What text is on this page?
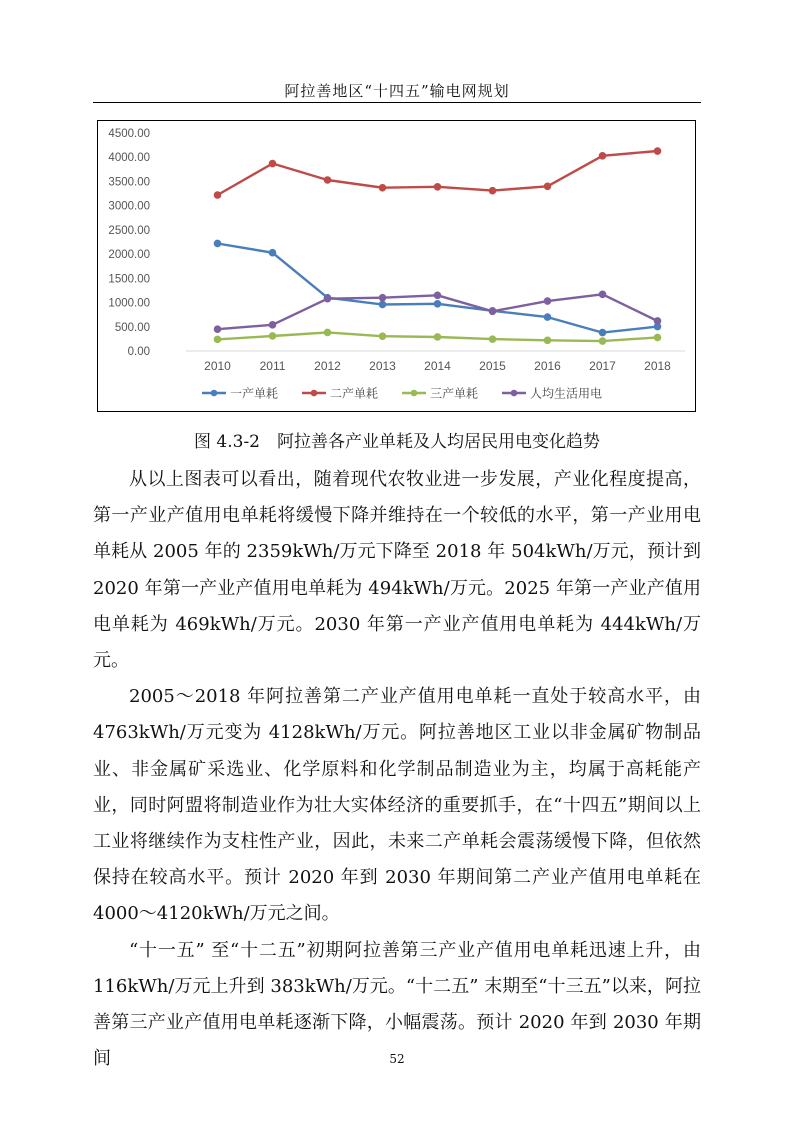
阿拉善地区“十四五”输电网规划
0.00
500.00
1000.00
1500.00
2000.00
2500.00
3000.00
3500.00
4000.00
4500.00
2010 2011 2012 2013 2014 2015 2016 2017 2018
一产单耗	二产单耗	三产单耗	人均生活用电
图 4.3-2　阿拉善各产业单耗及人均居民用电变化趋势

从以上图表可以看出，随着现代农牧业进一步发展，产业化程度提高，第一产业产值用电单耗将缓慢下降并维持在一个较低的水平，第一产业用电单耗从 2005 年的 2359kWh/万元下降至 2018 年 504kWh/万元，预计到2020 年第一产业产值用电单耗为 494kWh/万元。2025 年第一产业产值用电单耗为 469kWh/万元。2030 年第一产业产值用电单耗为 444kWh/万元。

2005～2018 年阿拉善第二产业产值用电单耗一直处于较高水平，由4763kWh/万元变为 4128kWh/万元。阿拉善地区工业以非金属矿物制品业、非金属矿采选业、化学原料和化学制品制造业为主，均属于高耗能产业，同时阿盟将制造业作为壮大实体经济的重要抓手，在“十四五”期间以上工业将继续作为支柱性产业，因此，未来二产单耗会震荡缓慢下降，但依然保持在较高水平。预计 2020 年到 2030 年期间第二产业产值用电单耗在 4000～4120kWh/万元之间。

“十一五” 至“十二五”初期阿拉善第三产业产值用电单耗迅速上升，由116kWh/万元上升到 383kWh/万元。“十二五” 末期至“十三五”以来，阿拉善第三产业产值用电单耗逐渐下降，小幅震荡。预计 2020 年到 2030 年期间	52
